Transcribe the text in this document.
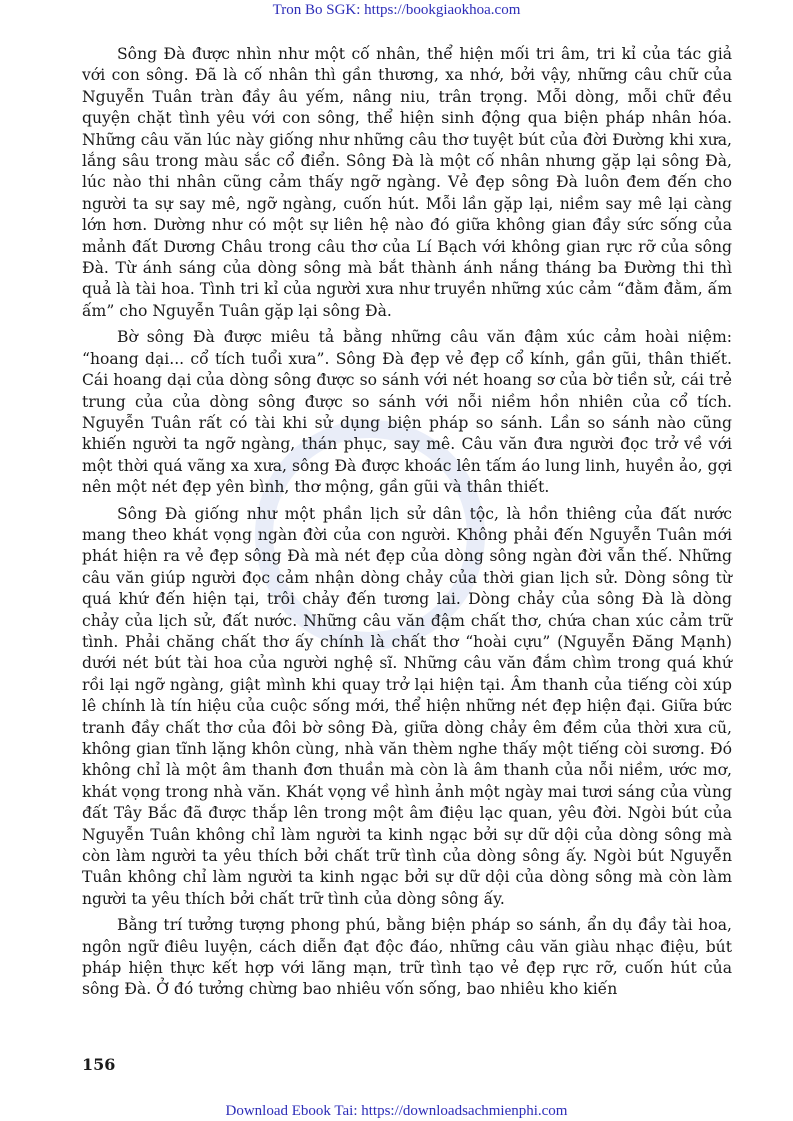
Tron Bo SGK: https://bookgiaokhoa.com

Sông Đà được nhìn như một cố nhân, thể hiện mối tri âm, tri kỉ của tác giả với con sông. Đã là cố nhân thì gần thương, xa nhớ, bởi vậy, những câu chữ của Nguyễn Tuân tràn đầy âu yếm, nâng niu, trân trọng. Mỗi dòng, mỗi chữ đều quyện chặt tình yêu với con sông, thể hiện sinh động qua biện pháp nhân hóa. Những câu văn lúc này giống như những câu thơ tuyệt bút của đời Đường khi xưa, lắng sâu trong màu sắc cổ điển. Sông Đà là một cố nhân nhưng gặp lại sông Đà, lúc nào thi nhân cũng cảm thấy ngỡ ngàng. Vẻ đẹp sông Đà luôn đem đến cho người ta sự say mê, ngỡ ngàng, cuốn hút. Mỗi lần gặp lại, niềm say mê lại càng lớn hơn. Dường như có một sự liên hệ nào đó giữa không gian đầy sức sống của mảnh đất Dương Châu trong câu thơ của Lí Bạch với không gian rực rỡ của sông Đà. Từ ánh sáng của dòng sông mà bắt thành ánh nắng tháng ba Đường thi thì quả là tài hoa. Tình tri kỉ của người xưa như truyền những xúc cảm “đằm đằm, ấm ấm” cho Nguyễn Tuân gặp lại sông Đà.

Bờ sông Đà được miêu tả bằng những câu văn đậm xúc cảm hoài niệm: “hoang dại... cổ tích tuổi xưa”. Sông Đà đẹp vẻ đẹp cổ kính, gần gũi, thân thiết. Cái hoang dại của dòng sông được so sánh với nét hoang sơ của bờ tiền sử, cái trẻ trung của của dòng sông được so sánh với nỗi niềm hồn nhiên của cổ tích. Nguyễn Tuân rất có tài khi sử dụng biện pháp so sánh. Lần so sánh nào cũng khiến người ta ngỡ ngàng, thán phục, say mê. Câu văn đưa người đọc trở về với một thời quá vãng xa xưa, sông Đà được khoác lên tấm áo lung linh, huyền ảo, gợi nên một nét đẹp yên bình, thơ mộng, gần gũi và thân thiết.

Sông Đà giống như một phần lịch sử dân tộc, là hồn thiêng của đất nước mang theo khát vọng ngàn đời của con người. Không phải đến Nguyễn Tuân mới phát hiện ra vẻ đẹp sông Đà mà nét đẹp của dòng sông ngàn đời vẫn thế. Những câu văn giúp người đọc cảm nhận dòng chảy của thời gian lịch sử. Dòng sông từ quá khứ đến hiện tại, trôi chảy đến tương lai. Dòng chảy của sông Đà là dòng chảy của lịch sử, đất nước. Những câu văn đậm chất thơ, chứa chan xúc cảm trữ tình. Phải chăng chất thơ ấy chính là chất thơ “hoài cựu” (Nguyễn Đăng Mạnh) dưới nét bút tài hoa của người nghệ sĩ. Những câu văn đắm chìm trong quá khứ rồi lại ngỡ ngàng, giật mình khi quay trở lại hiện tại. Âm thanh của tiếng còi xúp lê chính là tín hiệu của cuộc sống mới, thể hiện những nét đẹp hiện đại. Giữa bức tranh đầy chất thơ của đôi bờ sông Đà, giữa dòng chảy êm đềm của thời xưa cũ, không gian tĩnh lặng khôn cùng, nhà văn thèm nghe thấy một tiếng còi sương. Đó không chỉ là một âm thanh đơn thuần mà còn là âm thanh của nỗi niềm, ước mơ, khát vọng trong nhà văn. Khát vọng về hình ảnh một ngày mai tươi sáng của vùng đất Tây Bắc đã được thắp lên trong một âm điệu lạc quan, yêu đời. Ngòi bút của Nguyễn Tuân không chỉ làm người ta kinh ngạc bởi sự dữ dội của dòng sông mà còn làm người ta yêu thích bởi chất trữ tình của dòng sông ấy. Ngòi bút Nguyễn Tuân không chỉ làm người ta kinh ngạc bởi sự dữ dội của dòng sông mà còn làm người ta yêu thích bởi chất trữ tình của dòng sông ấy.

Bằng trí tưởng tượng phong phú, bằng biện pháp so sánh, ẩn dụ đầy tài hoa, ngôn ngữ điêu luyện, cách diễn đạt độc đáo, những câu văn giàu nhạc điệu, bút pháp hiện thực kết hợp với lãng mạn, trữ tình tạo vẻ đẹp rực rỡ, cuốn hút của sông Đà. Ở đó tưởng chừng bao nhiêu vốn sống, bao nhiêu kho kiến

156
Download Ebook Tai: https://downloadsachmienphi.com
